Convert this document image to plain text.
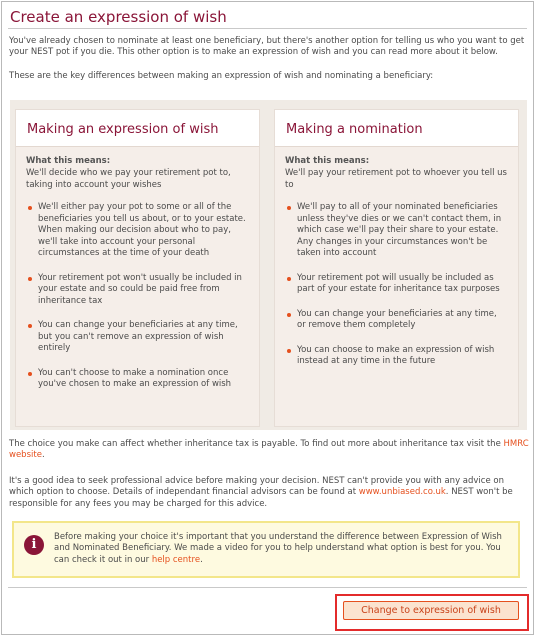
Create an expression of wish

You've already chosen to nominate at least one beneficiary, but there's another option for telling us who you want to get your NEST pot if you die. This other option is to make an expression of wish and you can read more about it below.

These are the key differences between making an expression of wish and nominating a beneficiary:

Making an expression of wish
What this means:
We'll decide who we pay your retirement pot to, taking into account your wishes
We'll either pay your pot to some or all of the beneficiaries you tell us about, or to your estate. When making our decision about who to pay, we'll take into account your personal circumstances at the time of your death
Your retirement pot won't usually be included in your estate and so could be paid free from inheritance tax
You can change your beneficiaries at any time, but you can't remove an expression of wish entirely
You can't choose to make a nomination once you've chosen to make an expression of wish
Making a nomination
What this means:
We'll pay your retirement pot to whoever you tell us to
We'll pay to all of your nominated beneficiaries unless they've dies or we can't contact them, in which case we'll pay their share to your estate. Any changes in your circumstances won't be taken into account
Your retirement pot will usually be included as part of your estate for inheritance tax purposes
You can change your beneficiaries at any time, or remove them completely
You can choose to make an expression of wish instead at any time in the future

The choice you make can affect whether inheritance tax is payable. To find out more about inheritance tax visit the HMRC website.

It's a good idea to seek professional advice before making your decision. NEST can't provide you with any advice on which option to choose. Details of independant financial advisors can be found at www.unbiased.co.uk. NEST won't be responsible for any fees you may be charged for this advice.

i	Before making your choice it's important that you understand the difference between Expression of Wish and Nominated Beneficiary. We made a video for you to help understand what option is best for you. You can check it out in our help centre.

Change to expression of wish
